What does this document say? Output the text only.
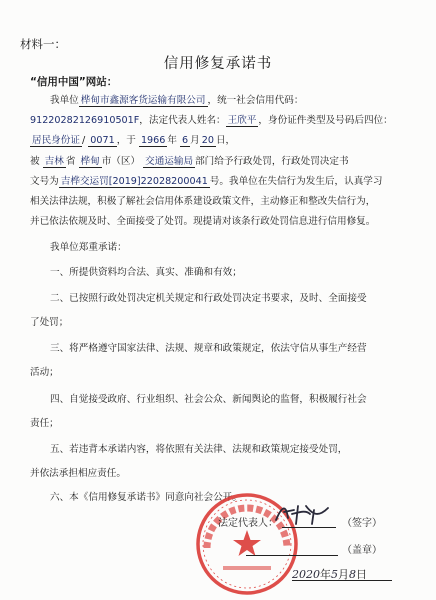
材料一：
信用修复承诺书
“信用中国”网站：
我单位 桦甸市鑫源客货运输有限公司 ，统一社会信用代码：
91220282126910501F，法定代表人姓名： 王欣平 ，身份证件类型及号码后四位：
居民身份证 / 0071 ，于 1966 年 6 月 20 日，
被 吉林 省 桦甸 市（区） 交通运输局 部门给予行政处罚，行政处罚决定书
文号为 吉桦交运罚[2019]22028200041 号。我单位在失信行为发生后，认真学习
相关法律法规，积极了解社会信用体系建设政策文件，主动修正和整改失信行为，
并已依法依规及时、全面接受了处罚。现提请对该条行政处罚信息进行信用修复。
我单位郑重承诺：
一、所提供资料均合法、真实、准确和有效；
二、已按照行政处罚决定机关规定和行政处罚决定书要求，及时、全面接受
了处罚；
三、将严格遵守国家法律、法规、规章和政策规定，依法守信从事生产经营
活动；
四、自觉接受政府、行业组织、社会公众、新闻舆论的监督，积极履行社会
责任；
五、若违背本承诺内容，将依照有关法律、法规和政策规定接受处罚，
并依法承担相应责任。
六、本《信用修复承诺书》同意向社会公开。
法定代表人：	（签字）
（盖章）
2020年5月8日
